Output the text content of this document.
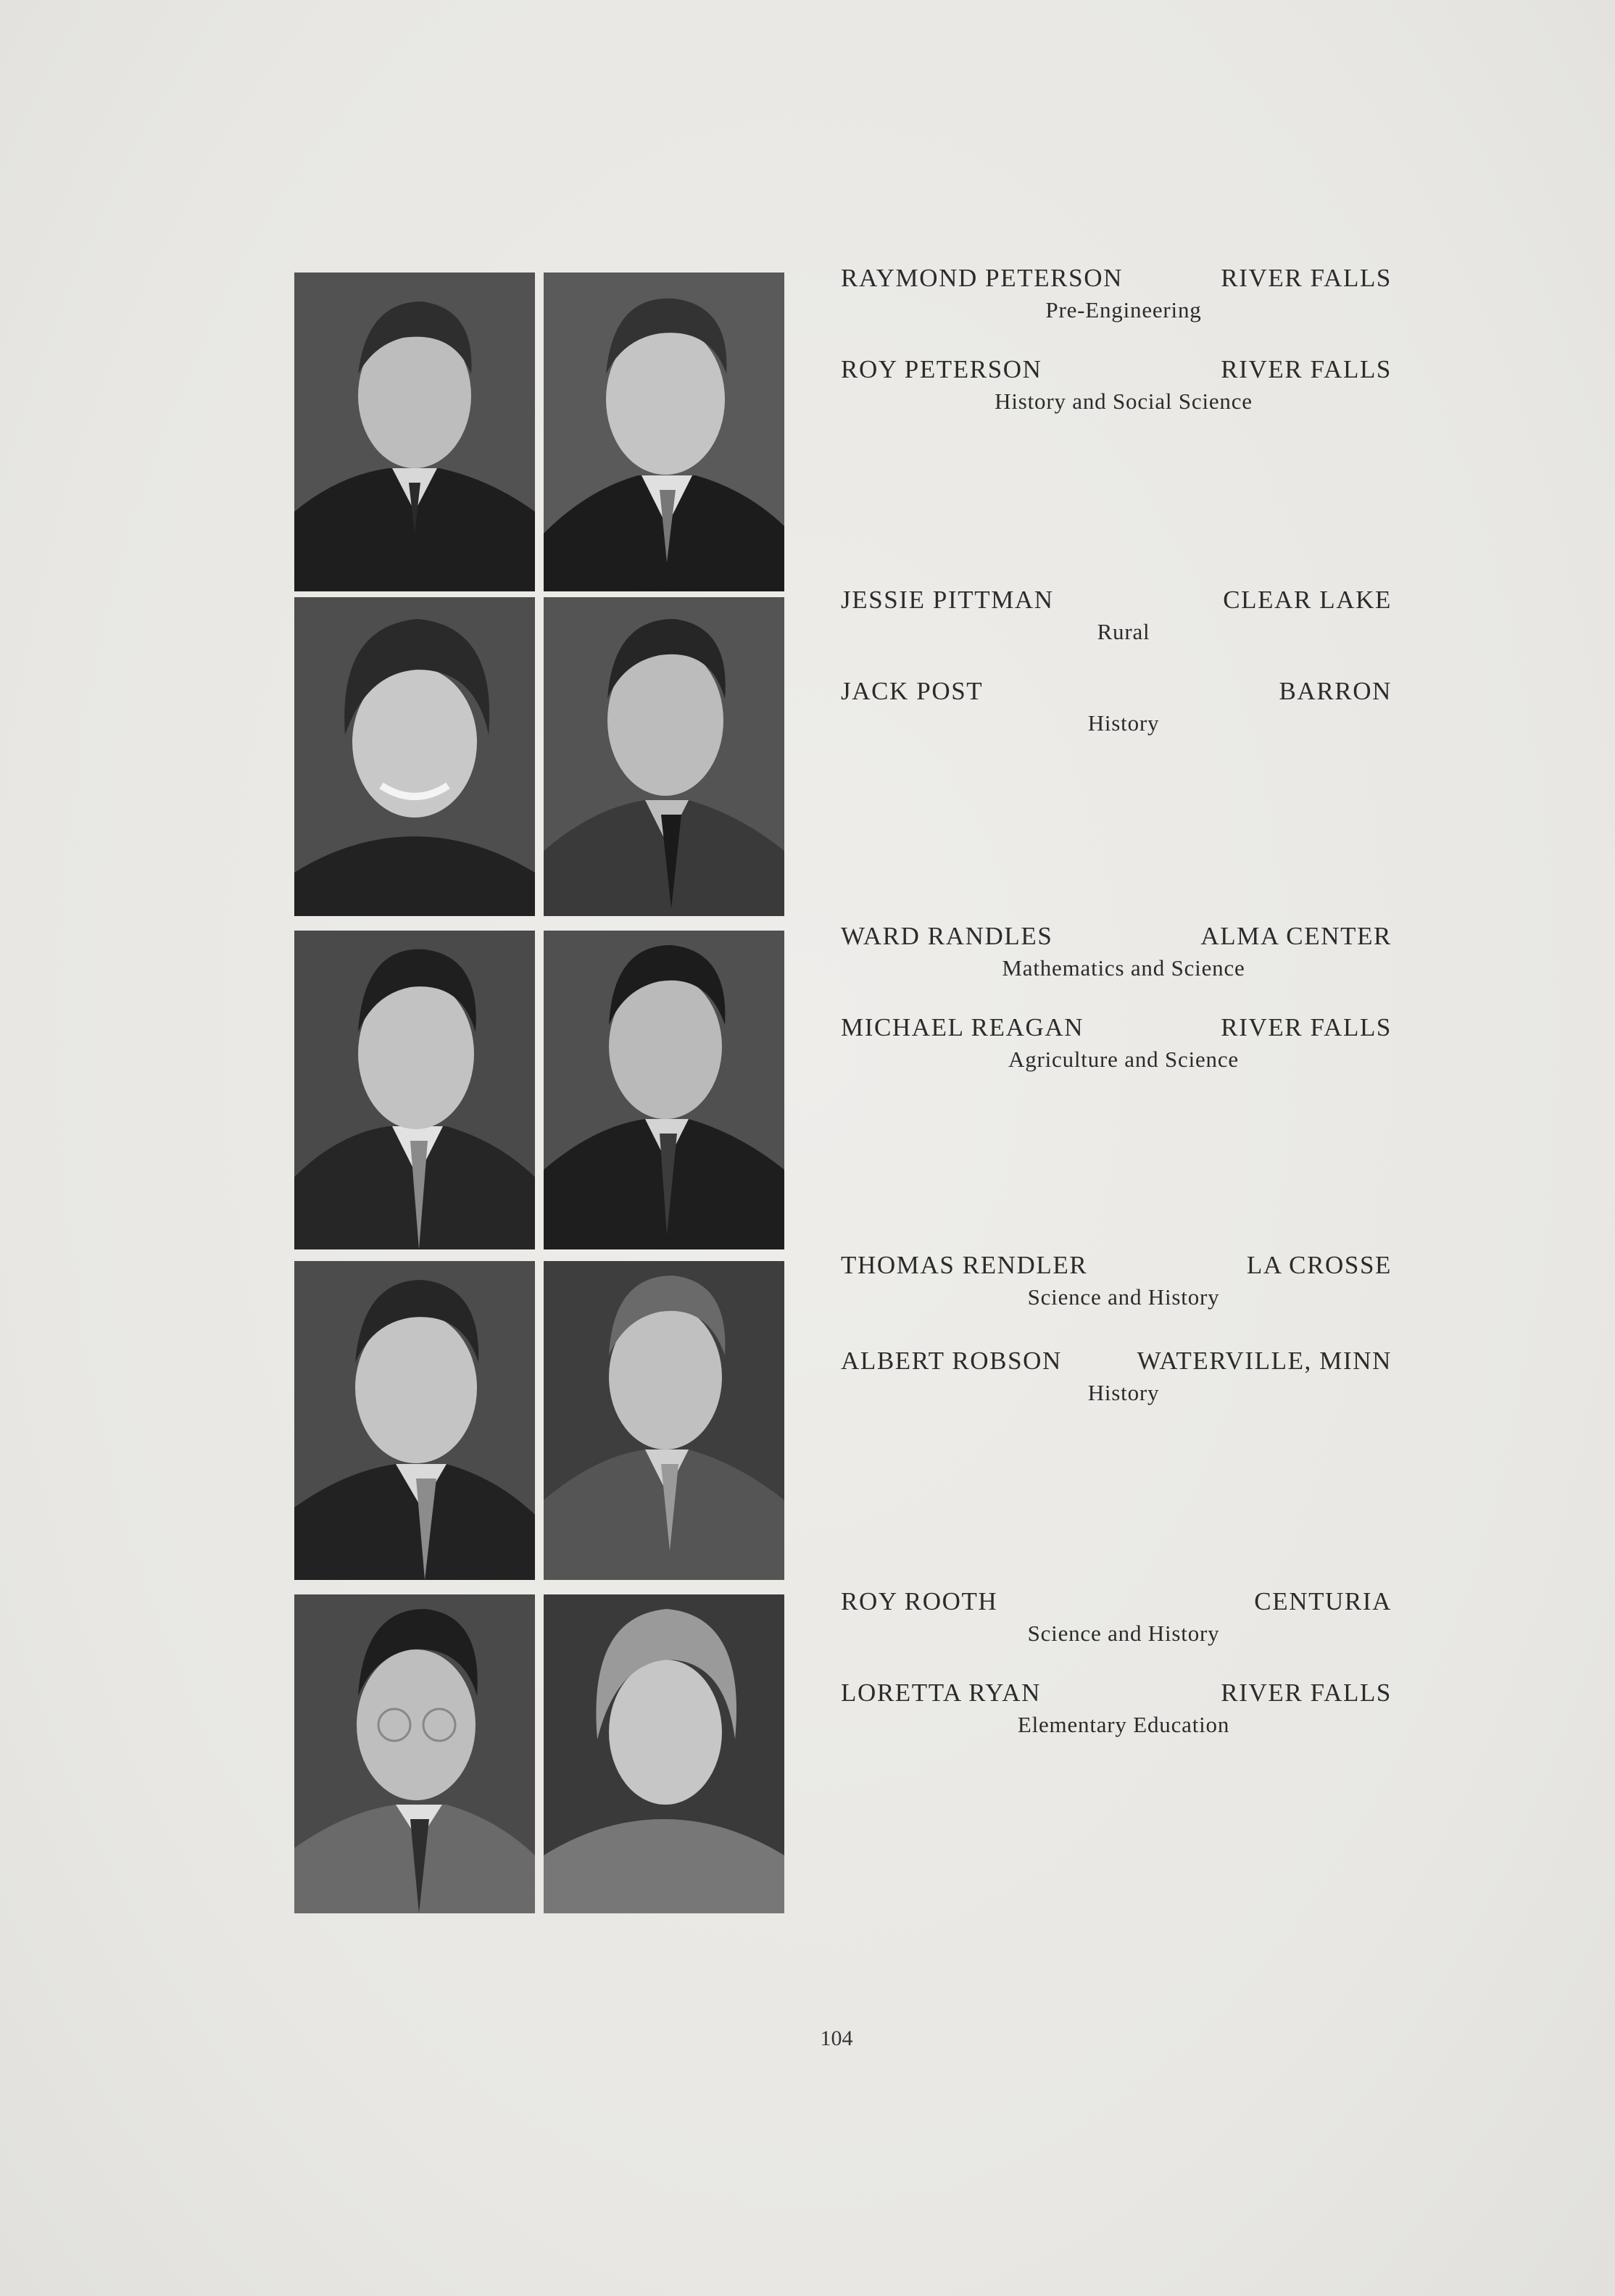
RAYMOND PETERSON	RIVER FALLS
Pre-Engineering
ROY PETERSON	RIVER FALLS
History and Social Science
JESSIE PITTMAN	CLEAR LAKE
Rural
JACK POST	BARRON
History
WARD RANDLES	ALMA CENTER
Mathematics and Science
MICHAEL REAGAN	RIVER FALLS
Agriculture and Science
THOMAS RENDLER	LA CROSSE
Science and History
ALBERT ROBSON	WATERVILLE, MINN
History
ROY ROOTH	CENTURIA
Science and History
LORETTA RYAN	RIVER FALLS
Elementary Education
104
